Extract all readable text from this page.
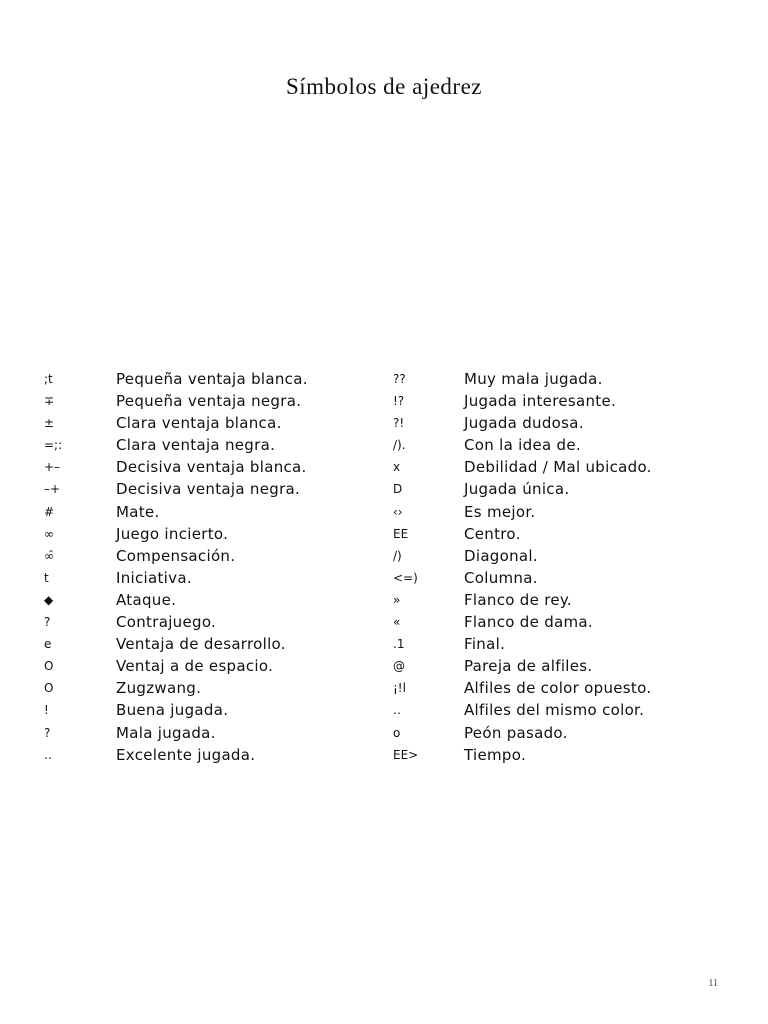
Símbolos de ajedrez
;t	Pequeña ventaja blanca.
∓	Pequeña ventaja negra.
±	Clara ventaja blanca.
=;:	Clara ventaja negra.
+–	Decisiva ventaja blanca.
–+	Decisiva ventaja negra.
#	Mate.
∞	Juego incierto.
∞̄	Compensación.
t	Iniciativa.
◆	Ataque.
?	Contrajuego.
e	Ventaja de desarrollo.
O	Ventaj a de espacio.
O	Zugzwang.
!	Buena jugada.
?	Mala jugada.
‥	Excelente jugada.
??	Muy mala jugada.
!?	Jugada interesante.
?!	Jugada dudosa.
/).	Con la idea de.
x	Debilidad / Mal ubicado.
D	Jugada única.
‹›	Es mejor.
EE	Centro.
/)	Diagonal.
<=)	Columna.
»	Flanco de rey.
«	Flanco de dama.
.1	Final.
@	Pareja de alfiles.
¡!l	Alfiles de color opuesto.
‥	Alfiles del mismo color.
o	Peón pasado.
EE>	Tiempo.
11
